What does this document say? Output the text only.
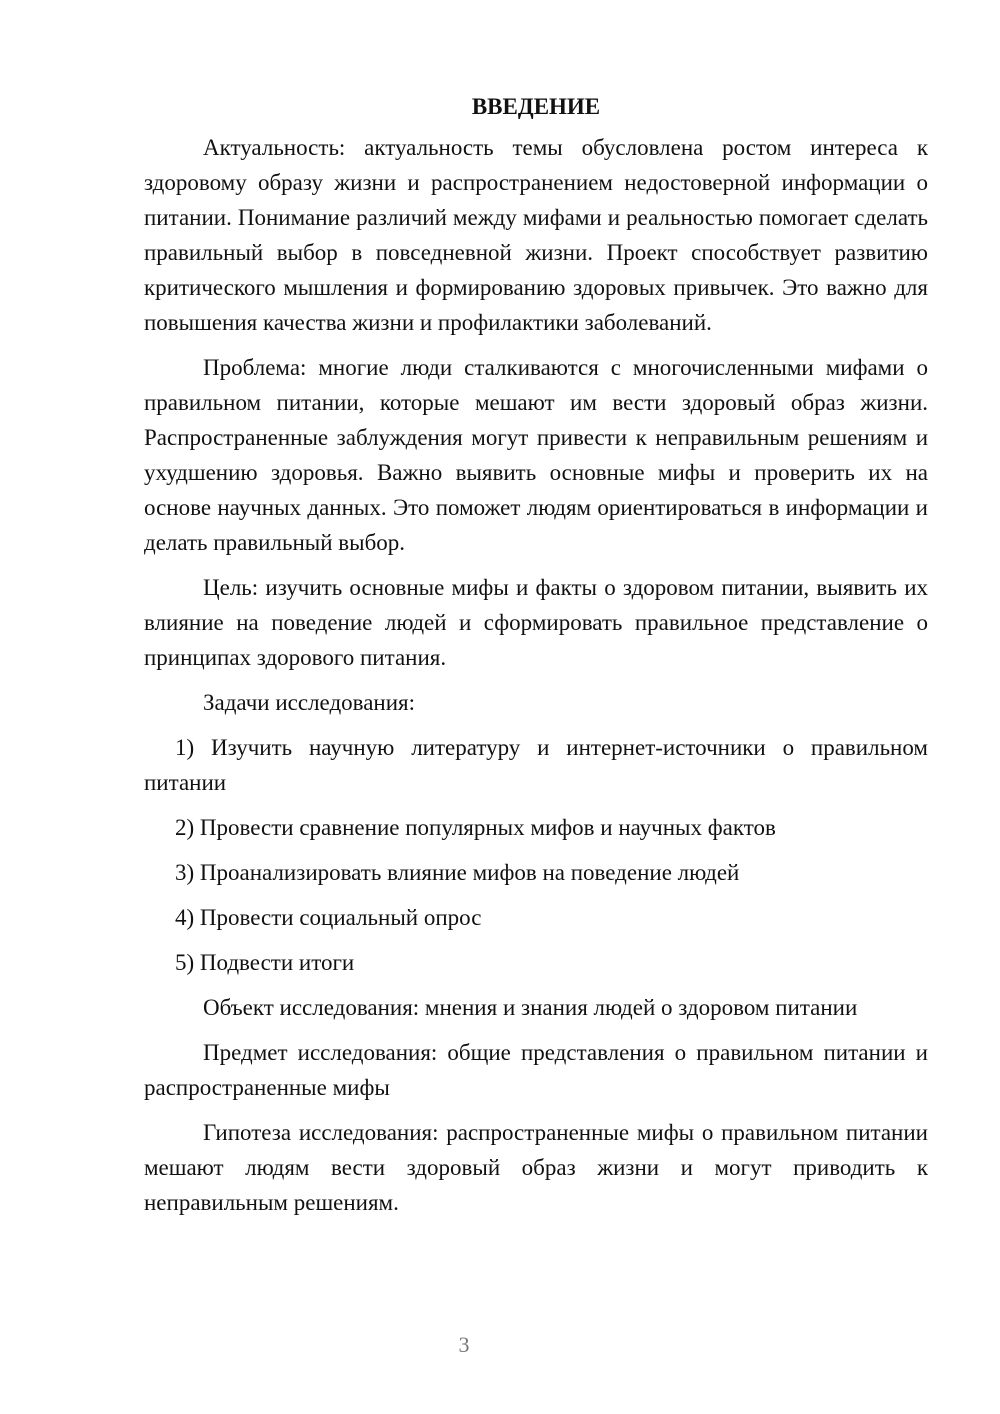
ВВЕДЕНИЕ

Актуальность: актуальность темы обусловлена ростом интереса к здоровому образу жизни и распространением недостоверной информации о питании. Понимание различий между мифами и реальностью помогает сделать правильный выбор в повседневной жизни. Проект способствует развитию критического мышления и формированию здоровых привычек. Это важно для повышения качества жизни и профилактики заболеваний.

Проблема: многие люди сталкиваются с многочисленными мифами о правильном питании, которые мешают им вести здоровый образ жизни. Распространенные заблуждения могут привести к неправильным решениям и ухудшению здоровья. Важно выявить основные мифы и проверить их на основе научных данных. Это поможет людям ориентироваться в информации и делать правильный выбор.

Цель: изучить основные мифы и факты о здоровом питании, выявить их влияние на поведение людей и сформировать правильное представление о принципах здорового питания.

Задачи исследования:

1) Изучить научную литературу и интернет-источники о правильном питании

2) Провести сравнение популярных мифов и научных фактов

3) Проанализировать влияние мифов на поведение людей

4) Провести социальный опрос

5) Подвести итоги

Объект исследования: мнения и знания людей о здоровом питании

Предмет исследования: общие представления о правильном питании и распространенные мифы

Гипотеза исследования: распространенные мифы о правильном питании мешают людям вести здоровый образ жизни и могут приводить к неправильным решениям.

3
